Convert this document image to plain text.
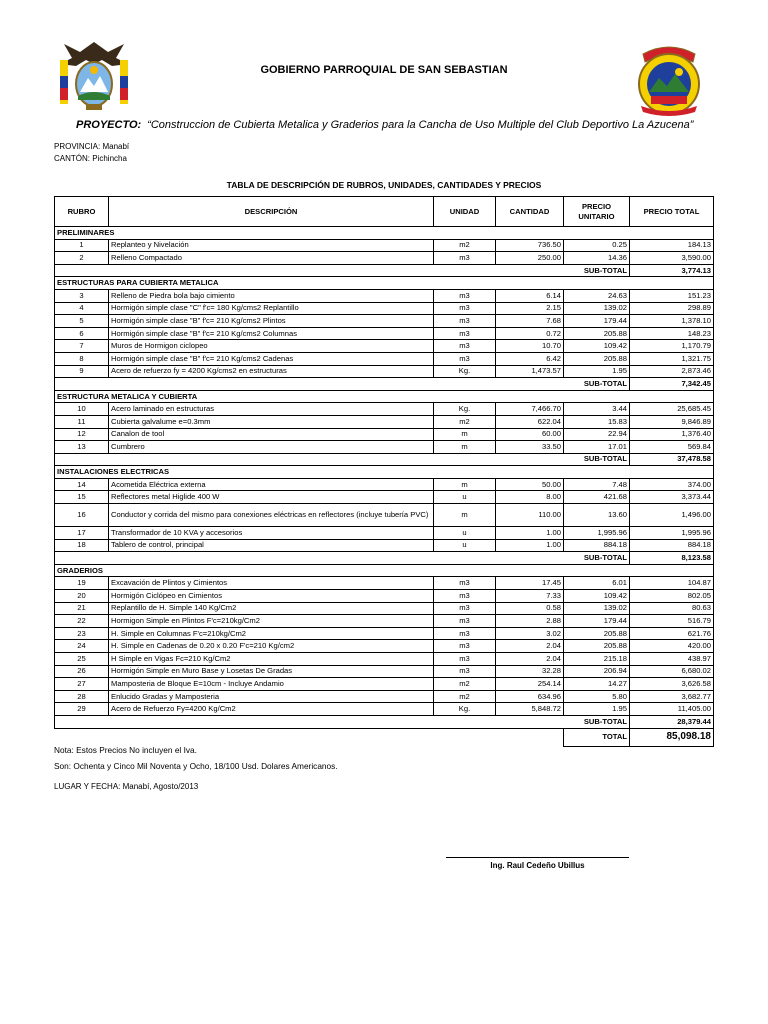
GOBIERNO PARROQUIAL DE SAN SEBASTIAN
PROYECTO: “Construccion de Cubierta Metalica y Graderios para la Cancha de Uso Multiple del Club Deportivo La Azucena”
PROVINCIA: Manabí
CANTÓN: Pichincha
TABLA DE DESCRIPCIÓN DE RUBROS, UNIDADES, CANTIDADES Y PRECIOS
RUBRO	DESCRIPCIÓN	UNIDAD	CANTIDAD	PRECIO UNITARIO	PRECIO TOTAL
PRELIMINARES					
1	Replanteo y Nivelación	m2	736.50	0.25	184.13
2	Relleno Compactado	m3	250.00	14.36	3,590.00
SUB-TOTAL					3,774.13
ESTRUCTURAS PARA CUBIERTA METALICA					
3	Relleno de Piedra bola bajo cimiento	m3	6.14	24.63	151.23
4	Hormigón simple clase "C" f'c= 180 Kg/cms2 Replantillo	m3	2.15	139.02	298.89
5	Hormigón simple clase "B" f'c= 210 Kg/cms2 Plintos	m3	7.68	179.44	1,378.10
6	Hormigón simple clase "B" f'c= 210 Kg/cms2 Columnas	m3	0.72	205.88	148.23
7	Muros de Hormigon ciclopeo	m3	10.70	109.42	1,170.79
8	Hormigón simple clase "B" f'c= 210 Kg/cms2 Cadenas	m3	6.42	205.88	1,321.75
9	Acero de refuerzo fy = 4200 Kg/cms2 en estructuras	Kg.	1,473.57	1.95	2,873.46
SUB-TOTAL					7,342.45
ESTRUCTURA METALICA Y CUBIERTA					
10	Acero laminado en estructuras	Kg.	7,466.70	3.44	25,685.45
11	Cubierta galvalume e=0.3mm	m2	622.04	15.83	9,846.89
12	Canalon de tool	m	60.00	22.94	1,376.40
13	Cumbrero	m	33.50	17.01	569.84
SUB-TOTAL					37,478.58
INSTALACIONES ELECTRICAS					
14	Acometida Eléctrica externa	m	50.00	7.48	374.00
15	Reflectores metal Higlide 400 W	u	8.00	421.68	3,373.44
16	Conductor y corrida del mismo para conexiones eléctricas en reflectores (incluye tubería PVC)	m	110.00	13.60	1,496.00
17	Transformador de 10 KVA y accesorios	u	1.00	1,995.96	1,995.96
18	Tablero de control, principal	u	1.00	884.18	884.18
SUB-TOTAL					8,123.58
GRADERIOS					
19	Excavación de Plintos y Cimientos	m3	17.45	6.01	104.87
20	Hormigón Ciclópeo en Cimientos	m3	7.33	109.42	802.05
21	Replantillo de H. Simple 140 Kg/Cm2	m3	0.58	139.02	80.63
22	Hormigon Simple en Plintos F'c=210kg/Cm2	m3	2.88	179.44	516.79
23	H. Simple en Columnas F'c=210kg/Cm2	m3	3.02	205.88	621.76
24	H. Simple en Cadenas de 0.20 x 0.20 F'c=210 Kg/cm2	m3	2.04	205.88	420.00
25	H Simple en Vigas Fc=210 Kg/Cm2	m3	2.04	215.18	438.97
26	Hormigón Simple en Muro Base y Losetas De Gradas	m3	32.28	206.94	6,680.02
27	Mamposteria de Bloque E=10cm - Incluye Andamio	m2	254.14	14.27	3,626.58
28	Enlucido Gradas y Mamposteria	m2	634.96	5.80	3,682.77
29	Acero de Refuerzo Fy=4200 Kg/Cm2	Kg.	5,848.72	1.95	11,405.00
SUB-TOTAL					28,379.44
				TOTAL	85,098.18
Nota: Estos Precios No incluyen el Iva.
Son: Ochenta y Cinco Mil Noventa y Ocho, 18/100 Usd. Dolares Americanos.
LUGAR Y FECHA: Manabí, Agosto/2013
Ing. Raul Cedeño Ubillus
